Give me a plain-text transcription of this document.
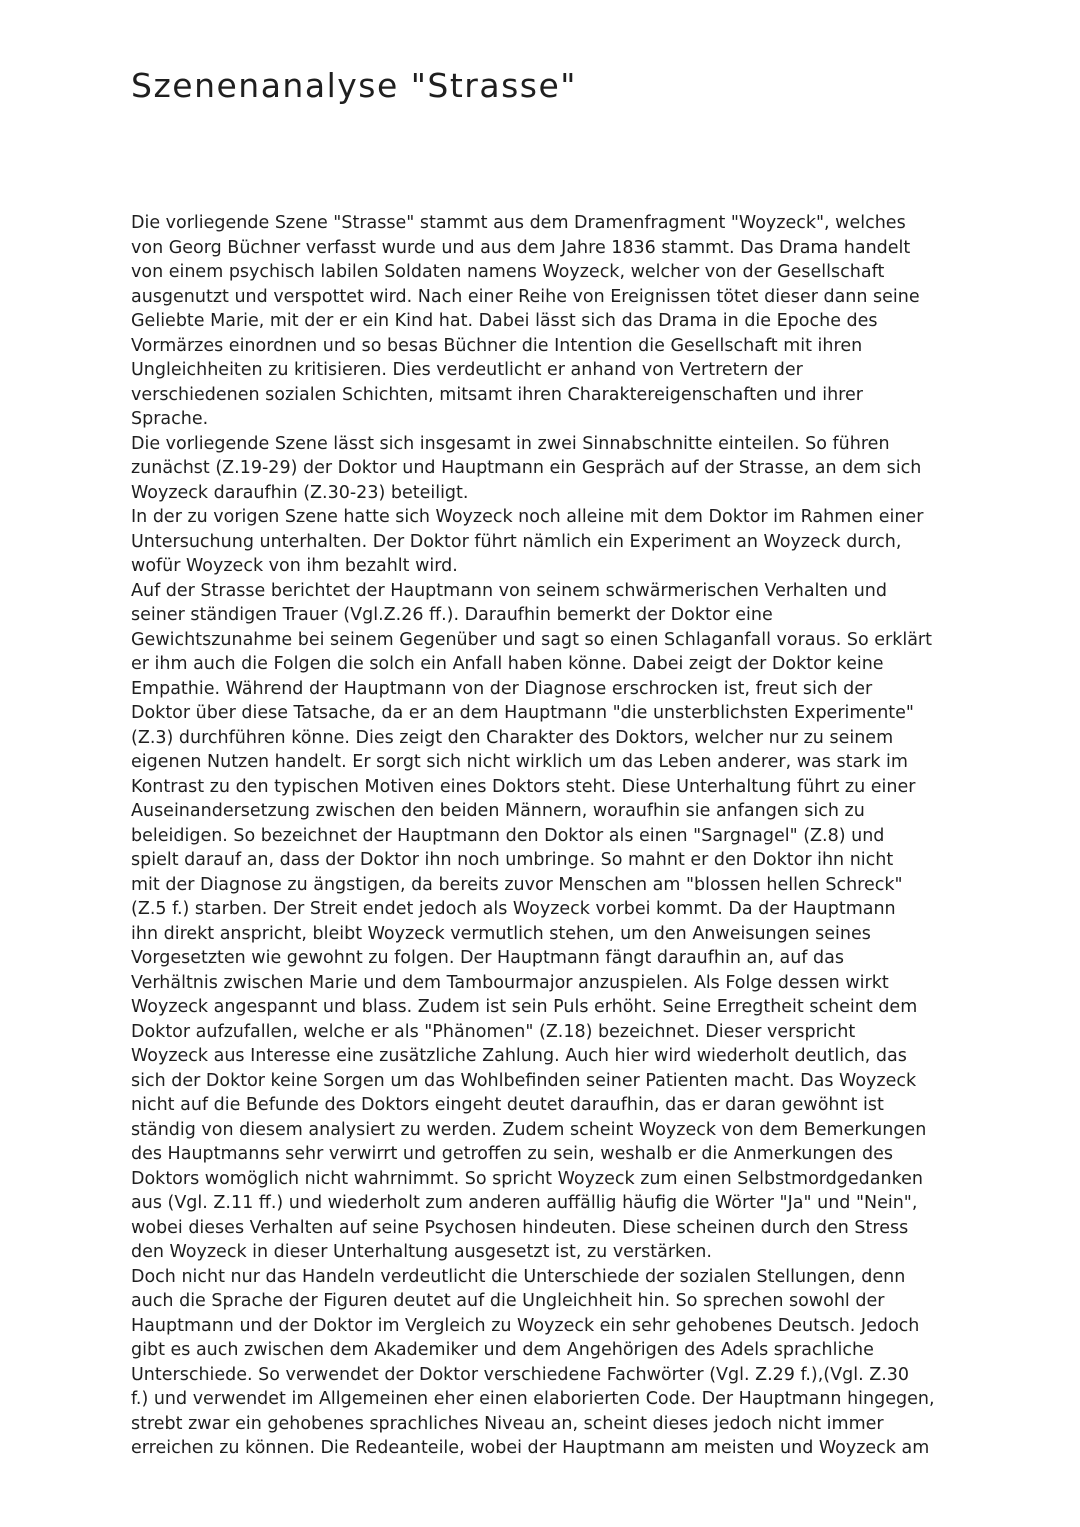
Szenenanalyse "Strasse"
Die vorliegende Szene "Strasse" stammt aus dem Dramenfragment "Woyzeck", welches
von Georg Büchner verfasst wurde und aus dem Jahre 1836 stammt. Das Drama handelt
von einem psychisch labilen Soldaten namens Woyzeck, welcher von der Gesellschaft
ausgenutzt und verspottet wird. Nach einer Reihe von Ereignissen tötet dieser dann seine
Geliebte Marie, mit der er ein Kind hat. Dabei lässt sich das Drama in die Epoche des
Vormärzes einordnen und so besas Büchner die Intention die Gesellschaft mit ihren
Ungleichheiten zu kritisieren. Dies verdeutlicht er anhand von Vertretern der
verschiedenen sozialen Schichten, mitsamt ihren Charaktereigenschaften und ihrer
Sprache.
Die vorliegende Szene lässt sich insgesamt in zwei Sinnabschnitte einteilen. So führen
zunächst (Z.19-29) der Doktor und Hauptmann ein Gespräch auf der Strasse, an dem sich
Woyzeck daraufhin (Z.30-23) beteiligt.
In der zu vorigen Szene hatte sich Woyzeck noch alleine mit dem Doktor im Rahmen einer
Untersuchung unterhalten. Der Doktor führt nämlich ein Experiment an Woyzeck durch,
wofür Woyzeck von ihm bezahlt wird.
Auf der Strasse berichtet der Hauptmann von seinem schwärmerischen Verhalten und
seiner ständigen Trauer (Vgl.Z.26 ff.). Daraufhin bemerkt der Doktor eine
Gewichtszunahme bei seinem Gegenüber und sagt so einen Schlaganfall voraus. So erklärt
er ihm auch die Folgen die solch ein Anfall haben könne. Dabei zeigt der Doktor keine
Empathie. Während der Hauptmann von der Diagnose erschrocken ist, freut sich der
Doktor über diese Tatsache, da er an dem Hauptmann "die unsterblichsten Experimente"
(Z.3) durchführen könne. Dies zeigt den Charakter des Doktors, welcher nur zu seinem
eigenen Nutzen handelt. Er sorgt sich nicht wirklich um das Leben anderer, was stark im
Kontrast zu den typischen Motiven eines Doktors steht. Diese Unterhaltung führt zu einer
Auseinandersetzung zwischen den beiden Männern, woraufhin sie anfangen sich zu
beleidigen. So bezeichnet der Hauptmann den Doktor als einen "Sargnagel" (Z.8) und
spielt darauf an, dass der Doktor ihn noch umbringe. So mahnt er den Doktor ihn nicht
mit der Diagnose zu ängstigen, da bereits zuvor Menschen am "blossen hellen Schreck"
(Z.5 f.) starben. Der Streit endet jedoch als Woyzeck vorbei kommt. Da der Hauptmann
ihn direkt anspricht, bleibt Woyzeck vermutlich stehen, um den Anweisungen seines
Vorgesetzten wie gewohnt zu folgen. Der Hauptmann fängt daraufhin an, auf das
Verhältnis zwischen Marie und dem Tambourmajor anzuspielen. Als Folge dessen wirkt
Woyzeck angespannt und blass. Zudem ist sein Puls erhöht. Seine Erregtheit scheint dem
Doktor aufzufallen, welche er als "Phänomen" (Z.18) bezeichnet. Dieser verspricht
Woyzeck aus Interesse eine zusätzliche Zahlung. Auch hier wird wiederholt deutlich, das
sich der Doktor keine Sorgen um das Wohlbefinden seiner Patienten macht. Das Woyzeck
nicht auf die Befunde des Doktors eingeht deutet daraufhin, das er daran gewöhnt ist
ständig von diesem analysiert zu werden. Zudem scheint Woyzeck von dem Bemerkungen
des Hauptmanns sehr verwirrt und getroffen zu sein, weshalb er die Anmerkungen des
Doktors womöglich nicht wahrnimmt. So spricht Woyzeck zum einen Selbstmordgedanken
aus (Vgl. Z.11 ff.) und wiederholt zum anderen auffällig häufig die Wörter "Ja" und "Nein",
wobei dieses Verhalten auf seine Psychosen hindeuten. Diese scheinen durch den Stress
den Woyzeck in dieser Unterhaltung ausgesetzt ist, zu verstärken.
Doch nicht nur das Handeln verdeutlicht die Unterschiede der sozialen Stellungen, denn
auch die Sprache der Figuren deutet auf die Ungleichheit hin. So sprechen sowohl der
Hauptmann und der Doktor im Vergleich zu Woyzeck ein sehr gehobenes Deutsch. Jedoch
gibt es auch zwischen dem Akademiker und dem Angehörigen des Adels sprachliche
Unterschiede. So verwendet der Doktor verschiedene Fachwörter (Vgl. Z.29 f.),(Vgl. Z.30
f.) und verwendet im Allgemeinen eher einen elaborierten Code. Der Hauptmann hingegen,
strebt zwar ein gehobenes sprachliches Niveau an, scheint dieses jedoch nicht immer
erreichen zu können. Die Redeanteile, wobei der Hauptmann am meisten und Woyzeck am
